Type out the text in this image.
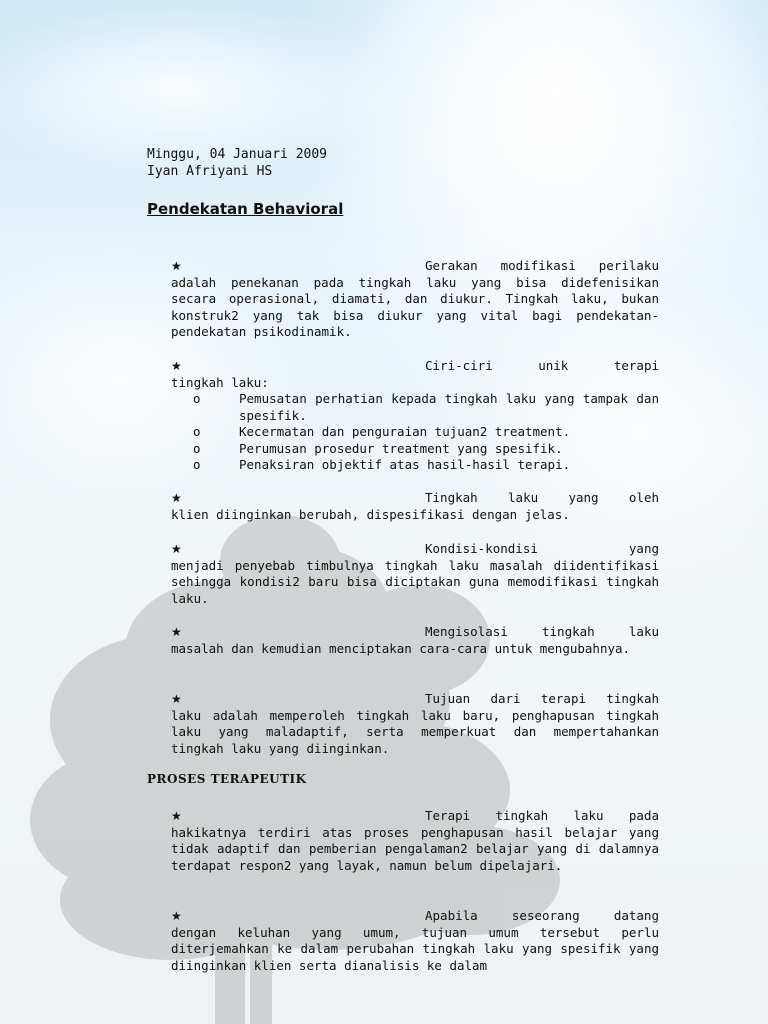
Minggu, 04 Januari 2009
Iyan Afriyani HS
Pendekatan Behavioral
★	Gerakan modifikasi perilaku

adalah penekanan pada tingkah laku yang bisa didefenisikan secara operasional, diamati, dan diukur. Tingkah laku, bukan konstruk2 yang tak bisa diukur yang vital bagi pendekatan-pendekatan psikodinamik.

★	Ciri-ciri	unik	terapi

tingkah laku:

o	Pemusatan perhatian kepada tingkah laku yang tampak dan spesifik.
o	Kecermatan dan penguraian tujuan2 treatment.
o	Perumusan prosedur treatment yang spesifik.
o	Penaksiran objektif atas hasil-hasil terapi.
★	Tingkah laku yang oleh

klien diinginkan berubah, dispesifikasi dengan jelas.

★	Kondisi-kondisi	yang

menjadi penyebab timbulnya tingkah laku masalah diidentifikasi sehingga kondisi2 baru bisa diciptakan guna memodifikasi tingkah laku.

★	Mengisolasi	tingkah	laku

masalah dan kemudian menciptakan cara-cara untuk mengubahnya.

★	Tujuan dari terapi tingkah

laku adalah memperoleh tingkah laku baru, penghapusan tingkah laku yang maladaptif, serta memperkuat dan mempertahankan tingkah laku yang diinginkan.

PROSES TERAPEUTIK
★	Terapi tingkah laku pada

hakikatnya terdiri atas proses penghapusan hasil belajar yang tidak adaptif dan pemberian pengalaman2 belajar yang di dalamnya terdapat respon2 yang layak, namun belum dipelajari.

★	Apabila	seseorang	datang

dengan keluhan yang umum, tujuan umum tersebut perlu diterjemahkan ke dalam perubahan tingkah laku yang spesifik yang diinginkan klien serta dianalisis ke dalam
